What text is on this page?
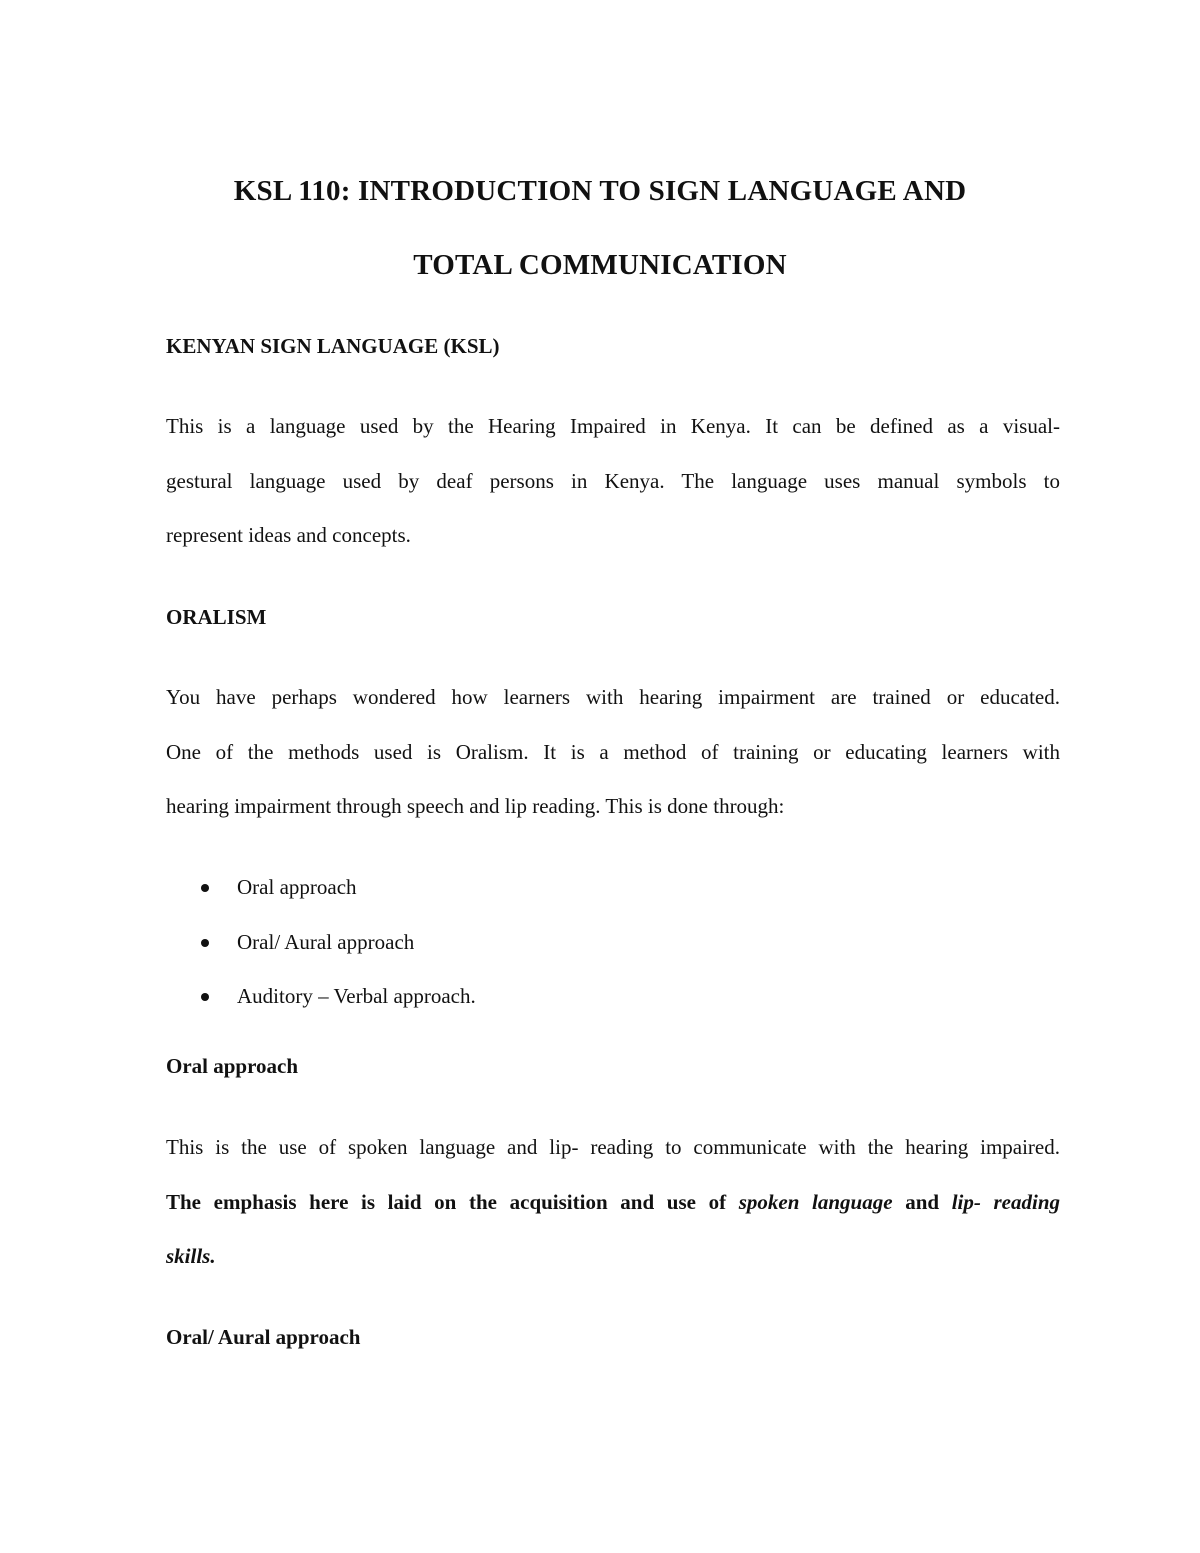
KSL 110: INTRODUCTION TO SIGN LANGUAGE AND
TOTAL COMMUNICATION
KENYAN SIGN LANGUAGE (KSL)

This is a language used by the Hearing Impaired in Kenya. It can be defined as a visual-
gestural language used by deaf persons in Kenya. The language uses manual symbols to
represent ideas and concepts.

ORALISM

You have perhaps wondered how learners with hearing impairment are trained or educated.
One of the methods used is Oralism. It is a method of training or educating learners with
hearing impairment through speech and lip reading. This is done through:

Oral approach
Oral/ Aural approach
Auditory – Verbal approach.
Oral approach

This is the use of spoken language and lip- reading to communicate with the hearing impaired.
The emphasis here is laid on the acquisition and use of spoken language and lip- reading
skills.

Oral/ Aural approach
